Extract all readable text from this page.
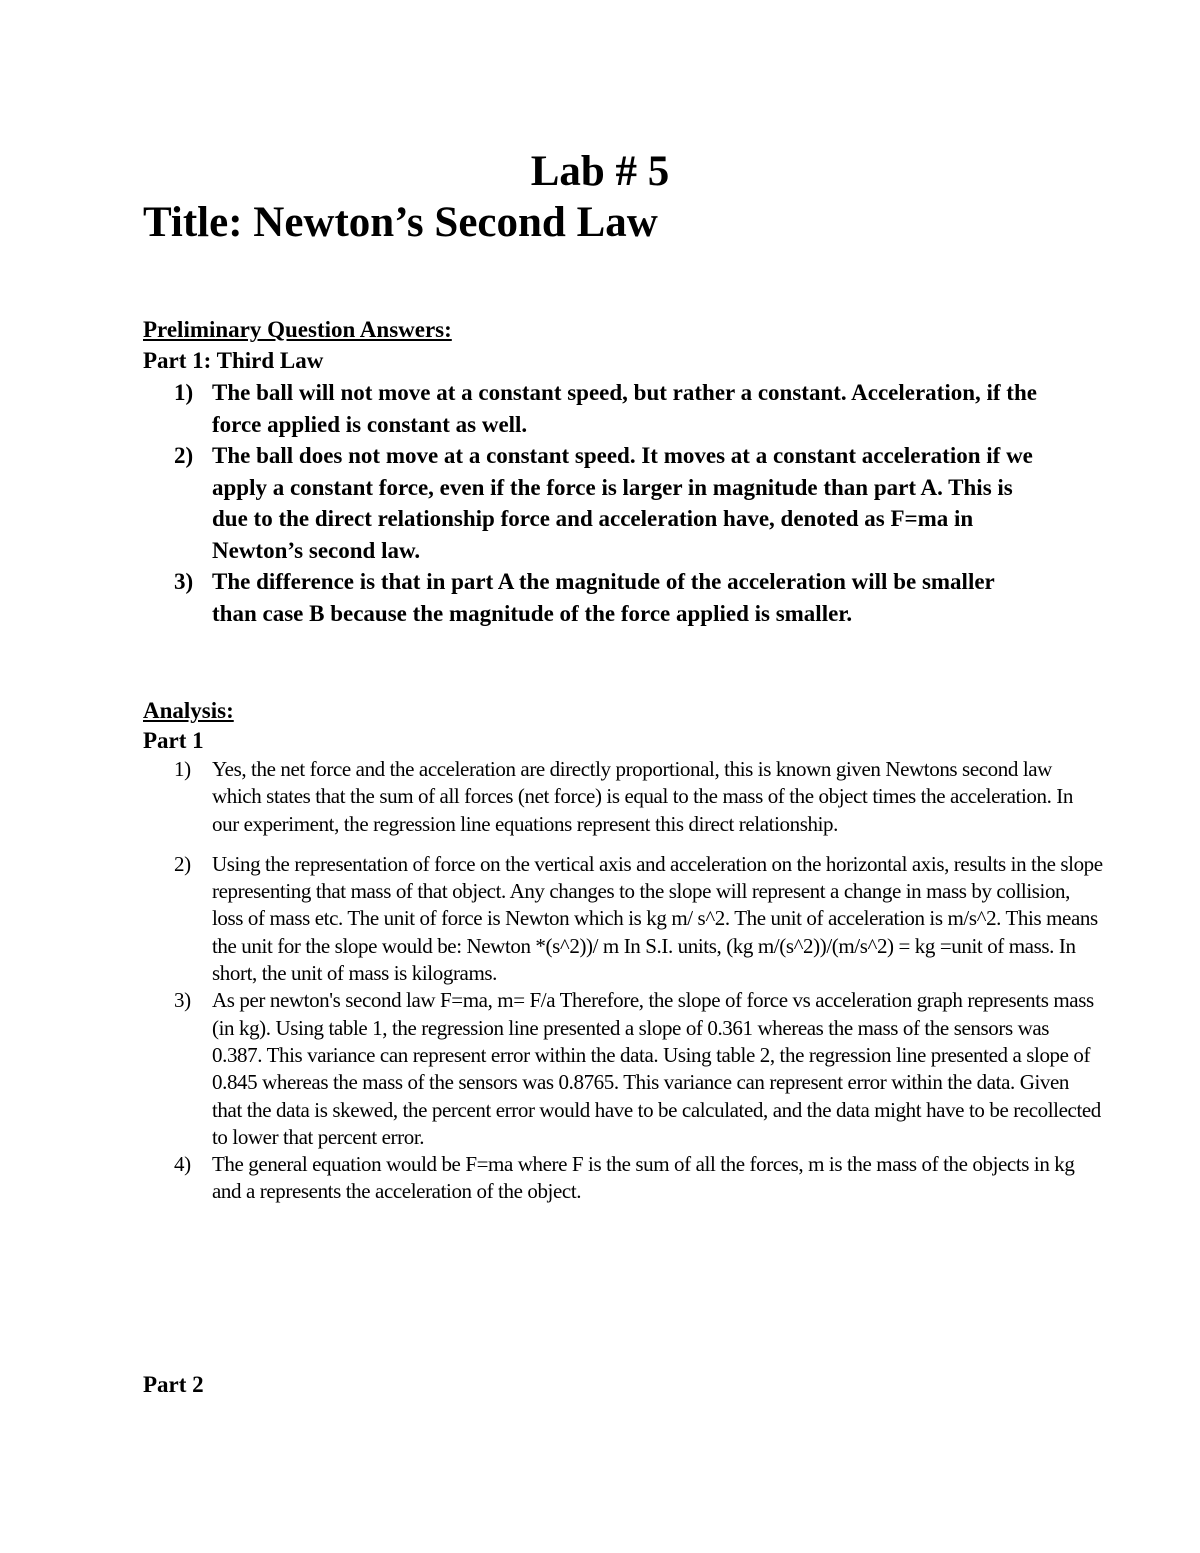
Lab # 5
Title: Newton’s Second Law
Preliminary Question Answers:
Part 1: Third Law
1) The ball will not move at a constant speed, but rather a constant. Acceleration, if the force applied is constant as well.
2) The ball does not move at a constant speed. It moves at a constant acceleration if we apply a constant force, even if the force is larger in magnitude than part A. This is due to the direct relationship force and acceleration have, denoted as F=ma in Newton’s second law.
3) The difference is that in part A the magnitude of the acceleration will be smaller than case B because the magnitude of the force applied is smaller.
Analysis:
Part 1
1) Yes, the net force and the acceleration are directly proportional, this is known given Newtons second law which states that the sum of all forces (net force) is equal to the mass of the object times the acceleration. In our experiment, the regression line equations represent this direct relationship.
2) Using the representation of force on the vertical axis and acceleration on the horizontal axis, results in the slope representing that mass of that object. Any changes to the slope will represent a change in mass by collision, loss of mass etc. The unit of force is Newton which is kg m/ s^2. The unit of acceleration is m/s^2. This means the unit for the slope would be: Newton *(s^2))/ m In S.I. units, (kg m/(s^2))/(m/s^2) = kg =unit of mass. In short, the unit of mass is kilograms.
3) As per newton's second law F=ma, m= F/a Therefore, the slope of force vs acceleration graph represents mass (in kg). Using table 1, the regression line presented a slope of 0.361 whereas the mass of the sensors was 0.387. This variance can represent error within the data. Using table 2, the regression line presented a slope of 0.845 whereas the mass of the sensors was 0.8765. This variance can represent error within the data. Given that the data is skewed, the percent error would have to be calculated, and the data might have to be recollected to lower that percent error.
4) The general equation would be F=ma where F is the sum of all the forces, m is the mass of the objects in kg and a represents the acceleration of the object.
Part 2
